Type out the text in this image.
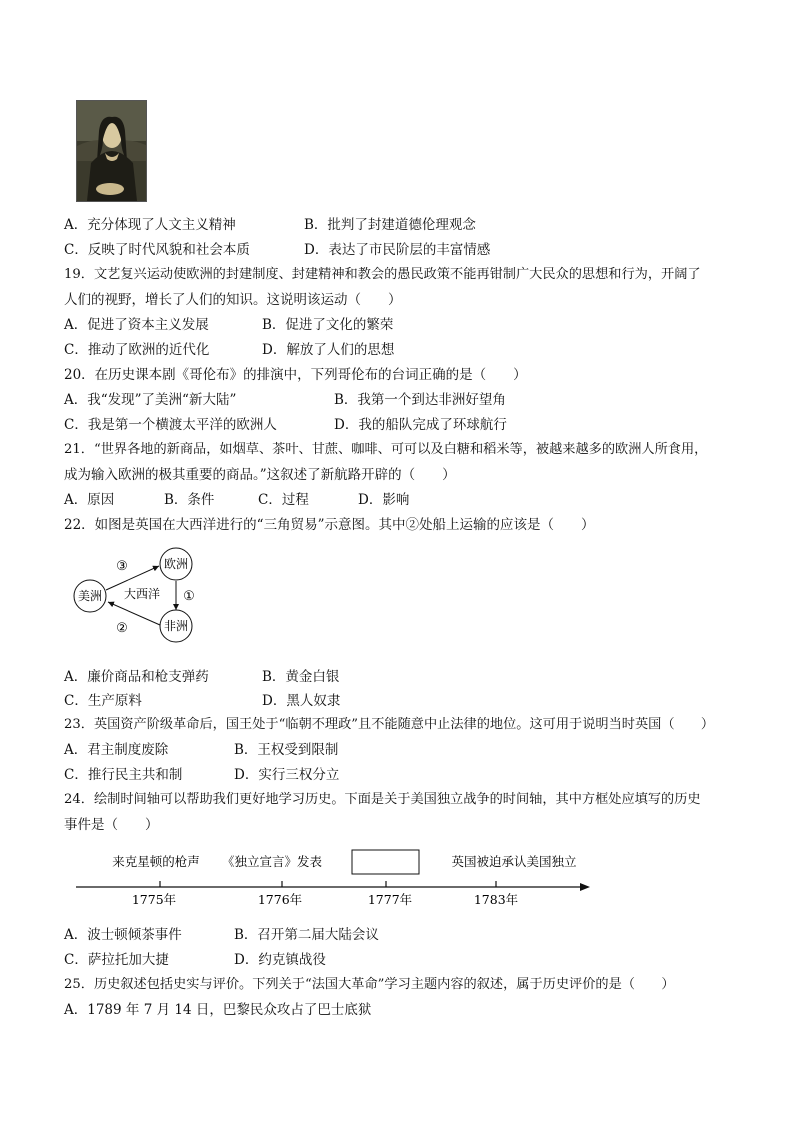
A．充分体现了人文主义精神	B．批判了封建道德伦理观念
C．反映了时代风貌和社会本质	D．表达了市民阶层的丰富情感
19．文艺复兴运动使欧洲的封建制度、封建精神和教会的愚民政策不能再钳制广大民众的思想和行为，开阔了
人们的视野，增长了人们的知识。这说明该运动（　　）
A．促进了资本主义发展	B．促进了文化的繁荣
C．推动了欧洲的近代化	D．解放了人们的思想
20．在历史课本剧《哥伦布》的排演中，下列哥伦布的台词正确的是（　　）
A．我“发现”了美洲“新大陆”	B．我第一个到达非洲好望角
C．我是第一个横渡太平洋的欧洲人	D．我的船队完成了环球航行
21．“世界各地的新商品，如烟草、茶叶、甘蔗、咖啡、可可以及白糖和稻米等，被越来越多的欧洲人所食用，
成为输入欧洲的极其重要的商品。”这叙述了新航路开辟的（　　）
A．原因	B．条件	C．过程	D．影响
22．如图是英国在大西洋进行的“三角贸易”示意图。其中②处船上运输的应该是（　　）
欧洲
美洲
非洲
大西洋
③
①
②
A．廉价商品和枪支弹药	B．黄金白银
C．生产原料	D．黑人奴隶
23．英国资产阶级革命后，国王处于“临朝不理政”且不能随意中止法律的地位。这可用于说明当时英国（　　）
A．君主制度废除	B．王权受到限制
C．推行民主共和制	D．实行三权分立
24．绘制时间轴可以帮助我们更好地学习历史。下面是关于美国独立战争的时间轴，其中方框处应填写的历史
事件是（　　）
来克星顿的枪声 《独立宣言》发表	英国被迫承认美国独立
1775年	1776年	1777年	1783年
A．波士顿倾茶事件	B．召开第二届大陆会议
C．萨拉托加大捷	D．约克镇战役
25．历史叙述包括史实与评价。下列关于“法国大革命”学习主题内容的叙述，属于历史评价的是（　　）
A．1789 年 7 月 14 日，巴黎民众攻占了巴士底狱
